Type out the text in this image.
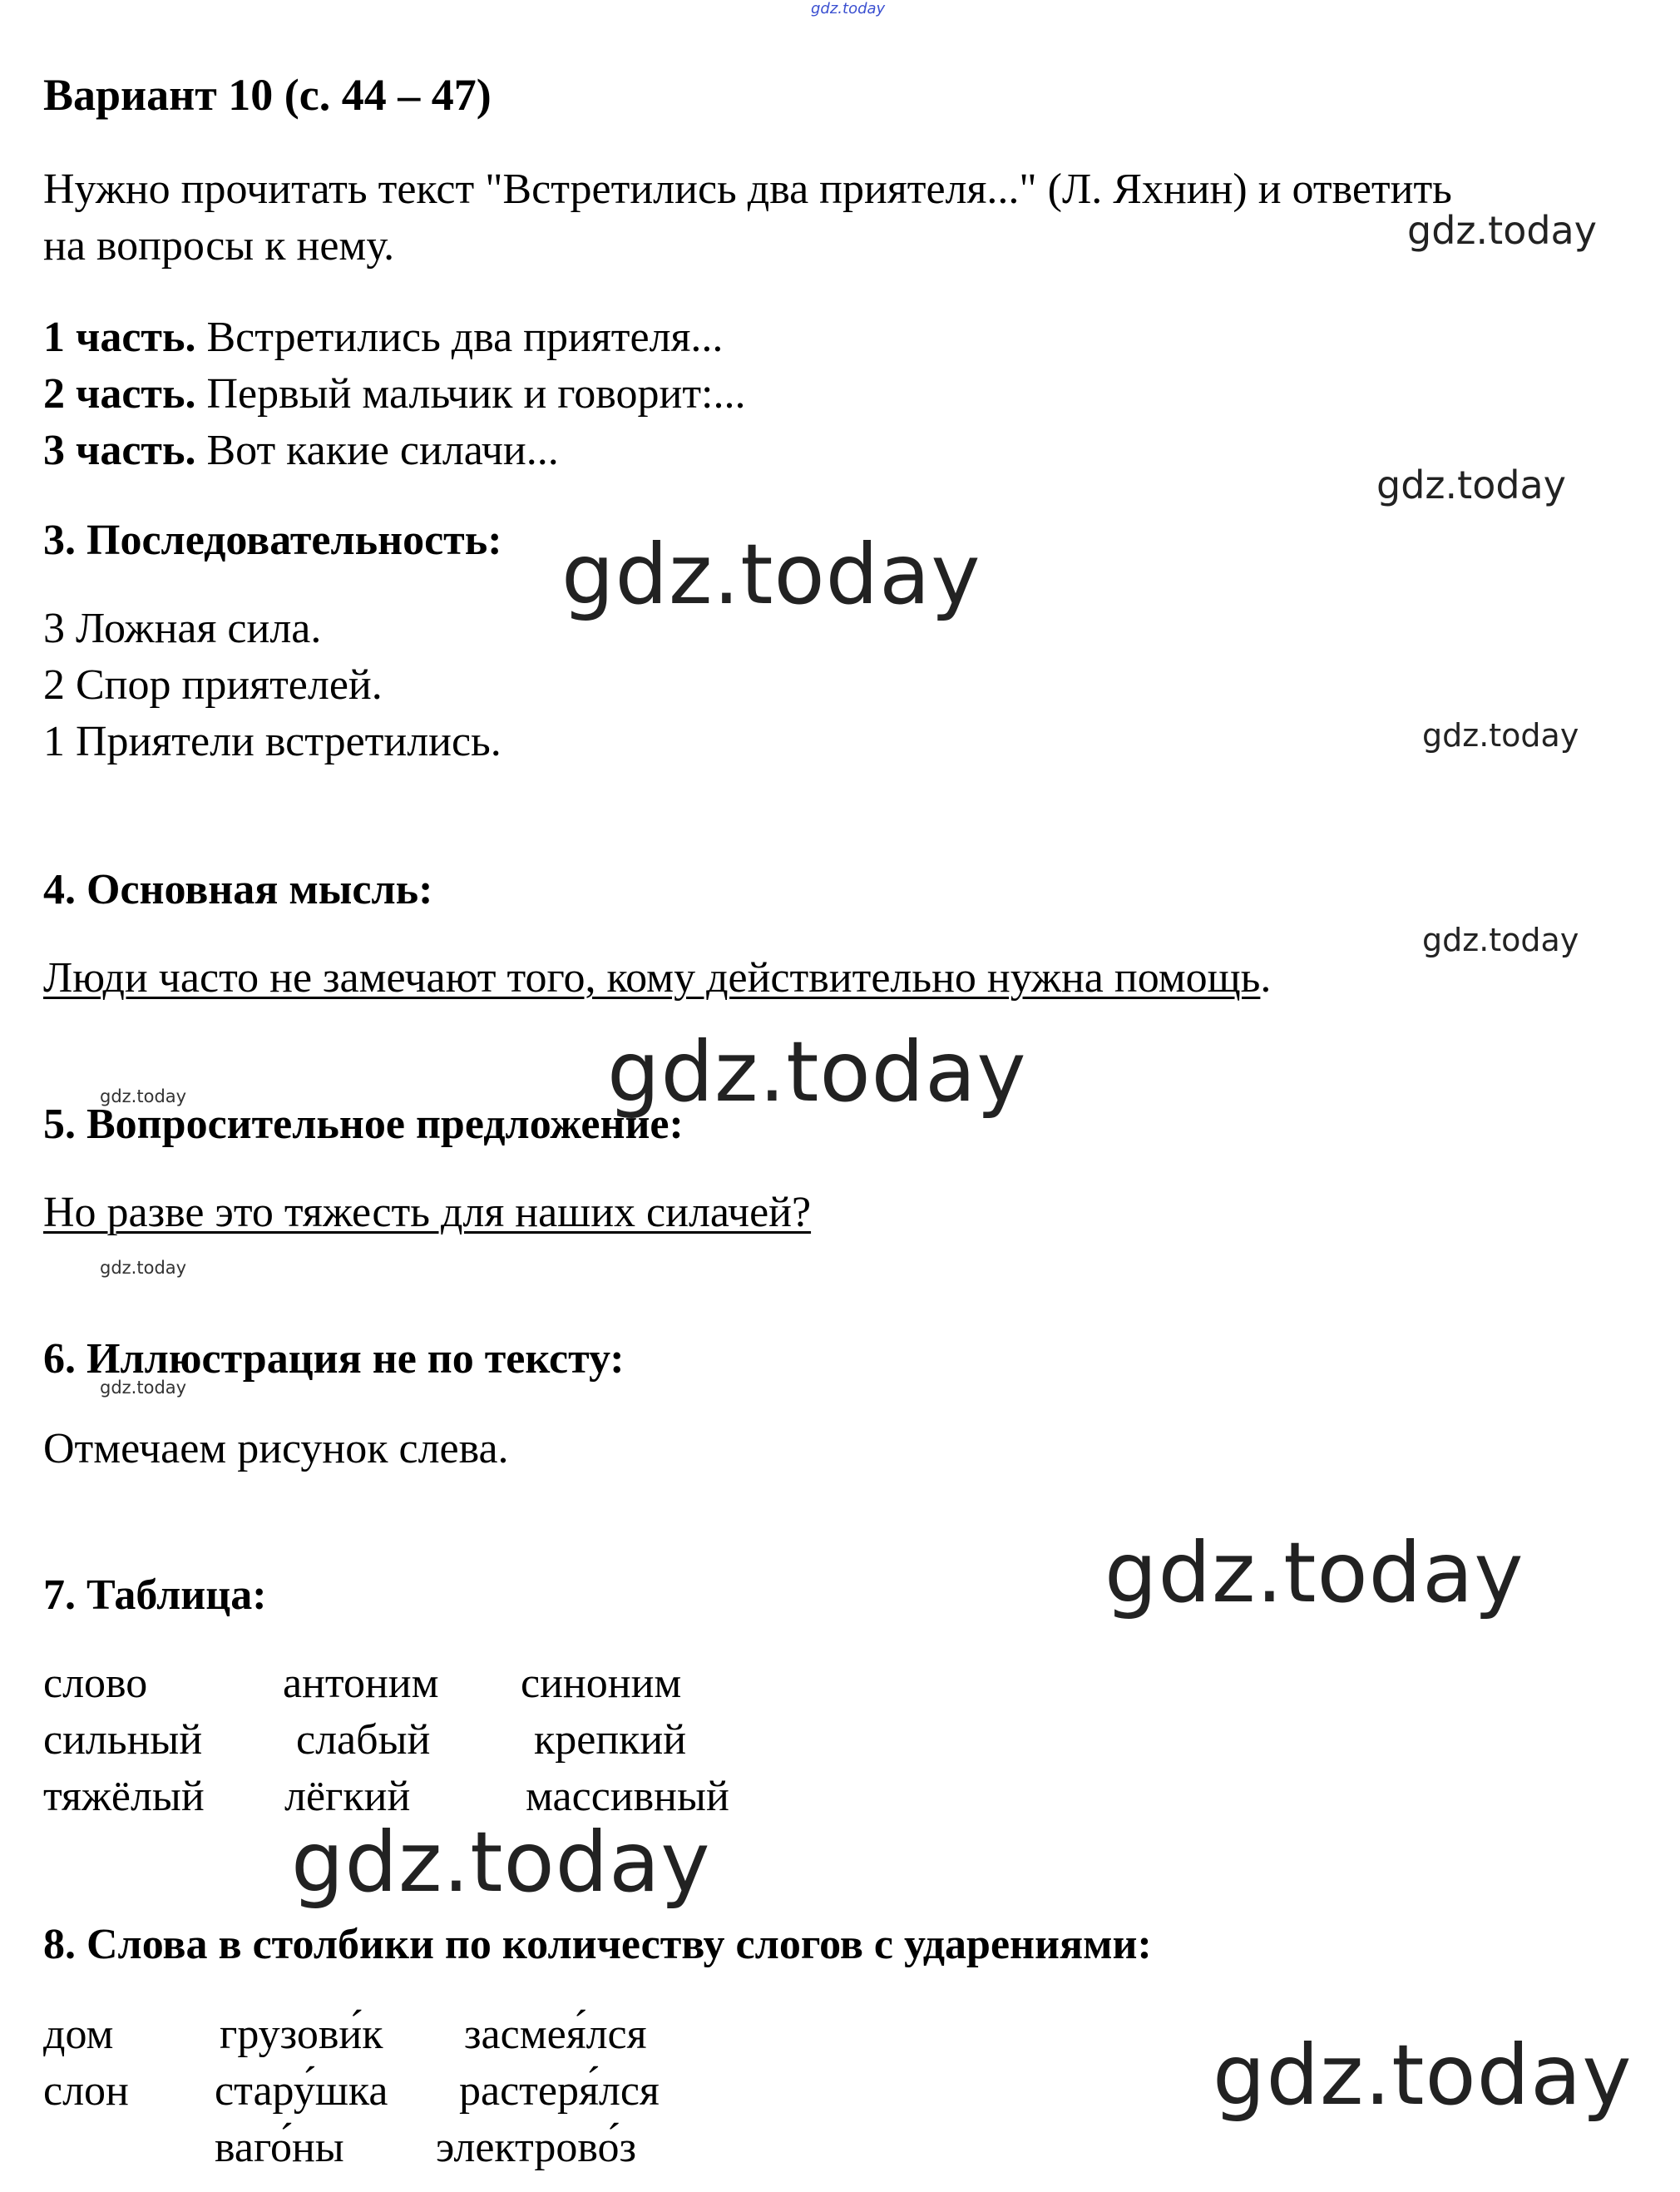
gdz.today
Вариант 10 (с. 44 – 47)
Нужно прочитать текст "Встретились два приятеля..." (Л. Яхнин) и ответить
на вопросы к нему.
1 часть. Встретились два приятеля...
2 часть. Первый мальчик и говорит:...
3 часть. Вот какие силачи...
3. Последовательность:
3 Ложная сила.
2 Спор приятелей.
1 Приятели встретились.
4. Основная мысль:
Люди часто не замечают того, кому действительно нужна помощь.
5. Вопросительное предложение:
Но разве это тяжесть для наших силачей?
6. Иллюстрация не по тексту:
Отмечаем рисунок слева.
7. Таблица:
слово	антоним синоним
сильный слабый крепкий
тяжёлый лёгкий	массивный
8. Слова в столбики по количеству слогов с ударениями:
дом
слон
грузови́к
стару́шка
ваго́ны
засмея́лся
растеря́лся
электрово́з
gdz.today
gdz.today
gdz.today
gdz.today
gdz.today
gdz.today
gdz.today
gdz.today
gdz.today
gdz.today
gdz.today
gdz.today
